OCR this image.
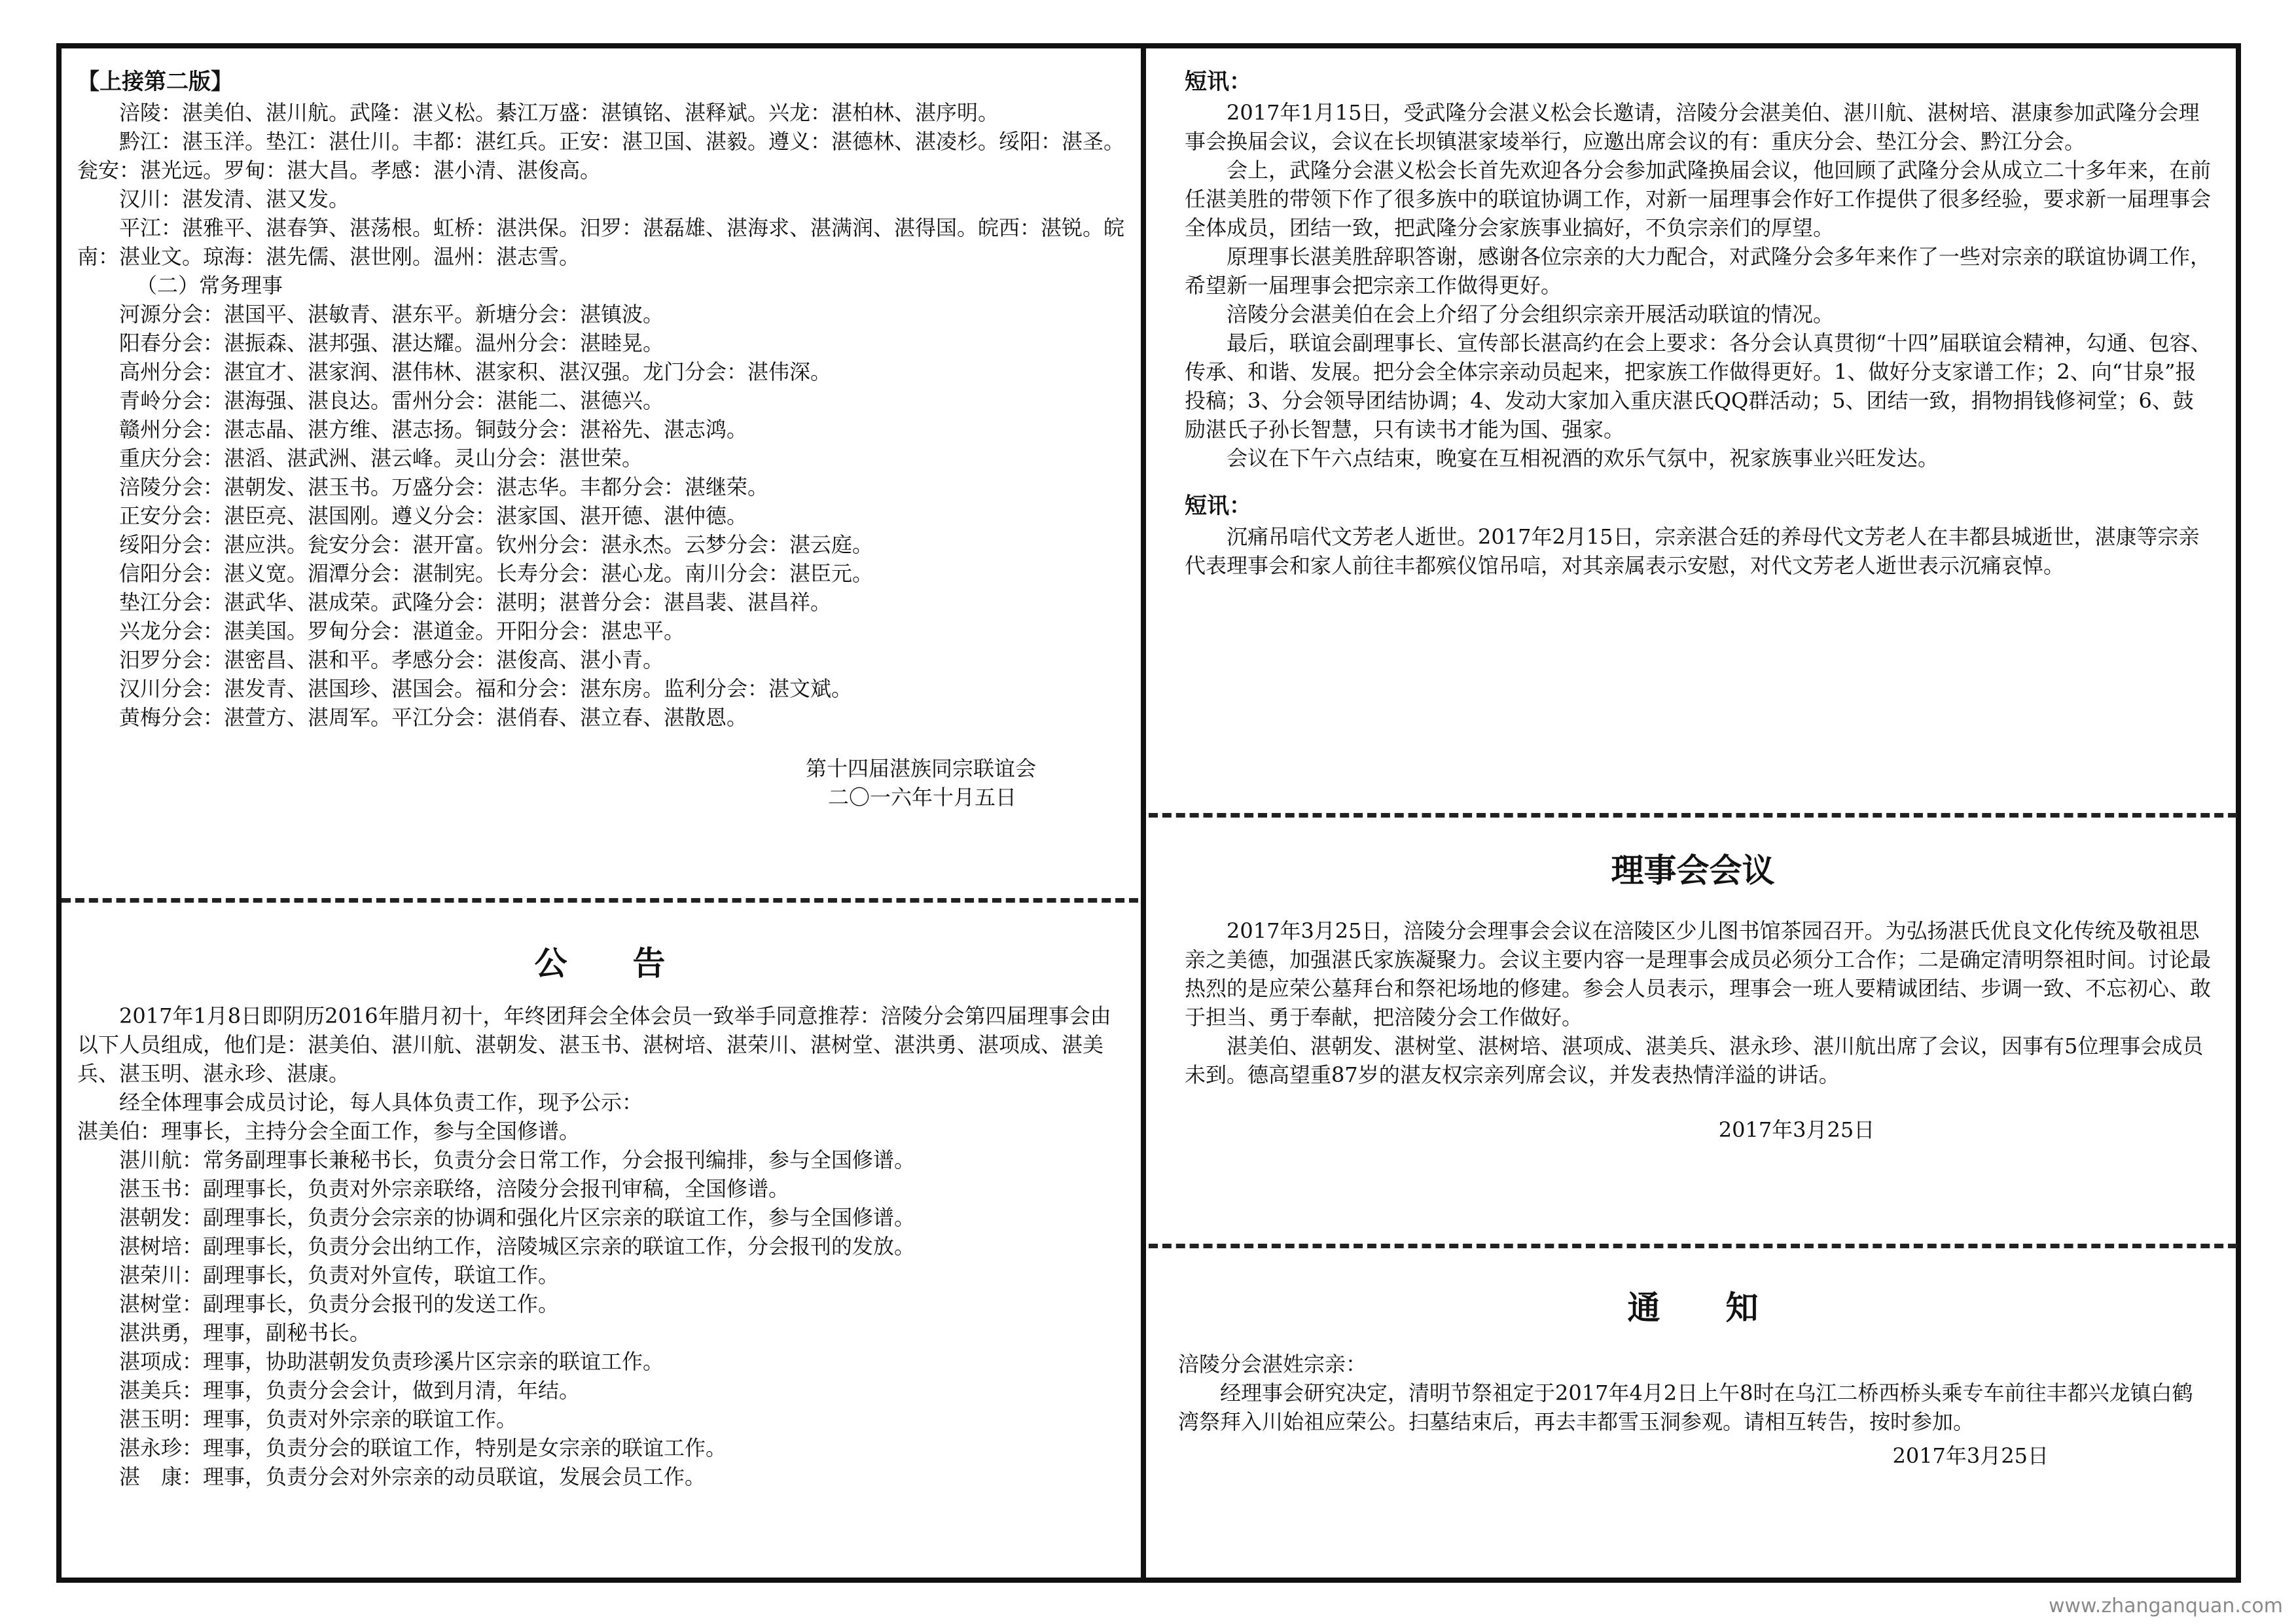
【上接第二版】

涪陵：湛美伯、湛川航。武隆：湛义松。綦江万盛：湛镇铭、湛释斌。兴龙：湛柏林、湛序明。

黔江：湛玉洋。垫江：湛仕川。丰都：湛红兵。正安：湛卫国、湛毅。遵义：湛德林、湛凌杉。绥阳：湛圣。瓮安：湛光远。罗甸：湛大昌。孝感：湛小清、湛俊高。

汉川：湛发清、湛又发。

平江：湛雅平、湛春笋、湛荡根。虹桥：湛洪保。汨罗：湛磊雄、湛海求、湛满润、湛得国。皖西：湛锐。皖南：湛业文。琼海：湛先儒、湛世刚。温州：湛志雪。

（二）常务理事

河源分会：湛国平、湛敏青、湛东平。新塘分会：湛镇波。

阳春分会：湛振森、湛邦强、湛达耀。温州分会：湛睦晃。

高州分会：湛宜才、湛家润、湛伟林、湛家积、湛汉强。龙门分会：湛伟深。

青岭分会：湛海强、湛良达。雷州分会：湛能二、湛德兴。

赣州分会：湛志晶、湛方维、湛志扬。铜鼓分会：湛裕先、湛志鸿。

重庆分会：湛滔、湛武洲、湛云峰。灵山分会：湛世荣。

涪陵分会：湛朝发、湛玉书。万盛分会：湛志华。丰都分会：湛继荣。

正安分会：湛臣亮、湛国刚。遵义分会：湛家国、湛开德、湛仲德。

绥阳分会：湛应洪。瓮安分会：湛开富。钦州分会：湛永杰。云梦分会：湛云庭。

信阳分会：湛义宽。湄潭分会：湛制宪。长寿分会：湛心龙。南川分会：湛臣元。

垫江分会：湛武华、湛成荣。武隆分会：湛明；湛普分会：湛昌裴、湛昌祥。

兴龙分会：湛美国。罗甸分会：湛道金。开阳分会：湛忠平。

汨罗分会：湛密昌、湛和平。孝感分会：湛俊高、湛小青。

汉川分会：湛发青、湛国珍、湛国会。福和分会：湛东房。监利分会：湛文斌。

黄梅分会：湛萱方、湛周军。平江分会：湛俏春、湛立春、湛散恩。

第十四届湛族同宗联谊会

二〇一六年十月五日

公　　告

2017年1月8日即阴历2016年腊月初十，年终团拜会全体会员一致举手同意推荐：涪陵分会第四届理事会由以下人员组成，他们是：湛美伯、湛川航、湛朝发、湛玉书、湛树培、湛荣川、湛树堂、湛洪勇、湛项成、湛美兵、湛玉明、湛永珍、湛康。

经全体理事会成员讨论，每人具体负责工作，现予公示：

湛美伯：理事长，主持分会全面工作，参与全国修谱。

湛川航：常务副理事长兼秘书长，负责分会日常工作，分会报刊编排，参与全国修谱。

湛玉书：副理事长，负责对外宗亲联络，涪陵分会报刊审稿，全国修谱。

湛朝发：副理事长，负责分会宗亲的协调和强化片区宗亲的联谊工作，参与全国修谱。

湛树培：副理事长，负责分会出纳工作，涪陵城区宗亲的联谊工作，分会报刊的发放。

湛荣川：副理事长，负责对外宣传，联谊工作。

湛树堂：副理事长，负责分会报刊的发送工作。

湛洪勇，理事，副秘书长。

湛项成：理事，协助湛朝发负责珍溪片区宗亲的联谊工作。

湛美兵：理事，负责分会会计，做到月清，年结。

湛玉明：理事，负责对外宗亲的联谊工作。

湛永珍：理事，负责分会的联谊工作，特别是女宗亲的联谊工作。

湛　康：理事，负责分会对外宗亲的动员联谊，发展会员工作。

短讯：

2017年1月15日，受武隆分会湛义松会长邀请，涪陵分会湛美伯、湛川航、湛树培、湛康参加武隆分会理事会换届会议，会议在长坝镇湛家堎举行，应邀出席会议的有：重庆分会、垫江分会、黔江分会。

会上，武隆分会湛义松会长首先欢迎各分会参加武隆换届会议，他回顾了武隆分会从成立二十多年来，在前任湛美胜的带领下作了很多族中的联谊协调工作，对新一届理事会作好工作提供了很多经验，要求新一届理事会全体成员，团结一致，把武隆分会家族事业搞好，不负宗亲们的厚望。

原理事长湛美胜辞职答谢，感谢各位宗亲的大力配合，对武隆分会多年来作了一些对宗亲的联谊协调工作，希望新一届理事会把宗亲工作做得更好。

涪陵分会湛美伯在会上介绍了分会组织宗亲开展活动联谊的情况。

最后，联谊会副理事长、宣传部长湛高约在会上要求：各分会认真贯彻“十四”届联谊会精神，勾通、包容、传承、和谐、发展。把分会全体宗亲动员起来，把家族工作做得更好。1、做好分支家谱工作；2、向“甘泉”报投稿；3、分会领导团结协调；4、发动大家加入重庆湛氏QQ群活动；5、团结一致，捐物捐钱修祠堂；6、鼓励湛氏子孙长智慧，只有读书才能为国、强家。

会议在下午六点结束，晚宴在互相祝酒的欢乐气氛中，祝家族事业兴旺发达。

短讯：

沉痛吊唁代文芳老人逝世。2017年2月15日，宗亲湛合廷的养母代文芳老人在丰都县城逝世，湛康等宗亲代表理事会和家人前往丰都殡仪馆吊唁，对其亲属表示安慰，对代文芳老人逝世表示沉痛哀悼。

理事会会议

2017年3月25日，涪陵分会理事会会议在涪陵区少儿图书馆茶园召开。为弘扬湛氏优良文化传统及敬祖思亲之美德，加强湛氏家族凝聚力。会议主要内容一是理事会成员必须分工合作；二是确定清明祭祖时间。讨论最热烈的是应荣公墓拜台和祭祀场地的修建。参会人员表示，理事会一班人要精诚团结、步调一致、不忘初心、敢于担当、勇于奉献，把涪陵分会工作做好。

湛美伯、湛朝发、湛树堂、湛树培、湛项成、湛美兵、湛永珍、湛川航出席了会议，因事有5位理事会成员未到。德高望重87岁的湛友权宗亲列席会议，并发表热情洋溢的讲话。

2017年3月25日

通　　知

涪陵分会湛姓宗亲：

经理事会研究决定，清明节祭祖定于2017年4月2日上午8时在乌江二桥西桥头乘专车前往丰都兴龙镇白鹤湾祭拜入川始祖应荣公。扫墓结束后，再去丰都雪玉洞参观。请相互转告，按时参加。

2017年3月25日

www.zhanganquan.com
